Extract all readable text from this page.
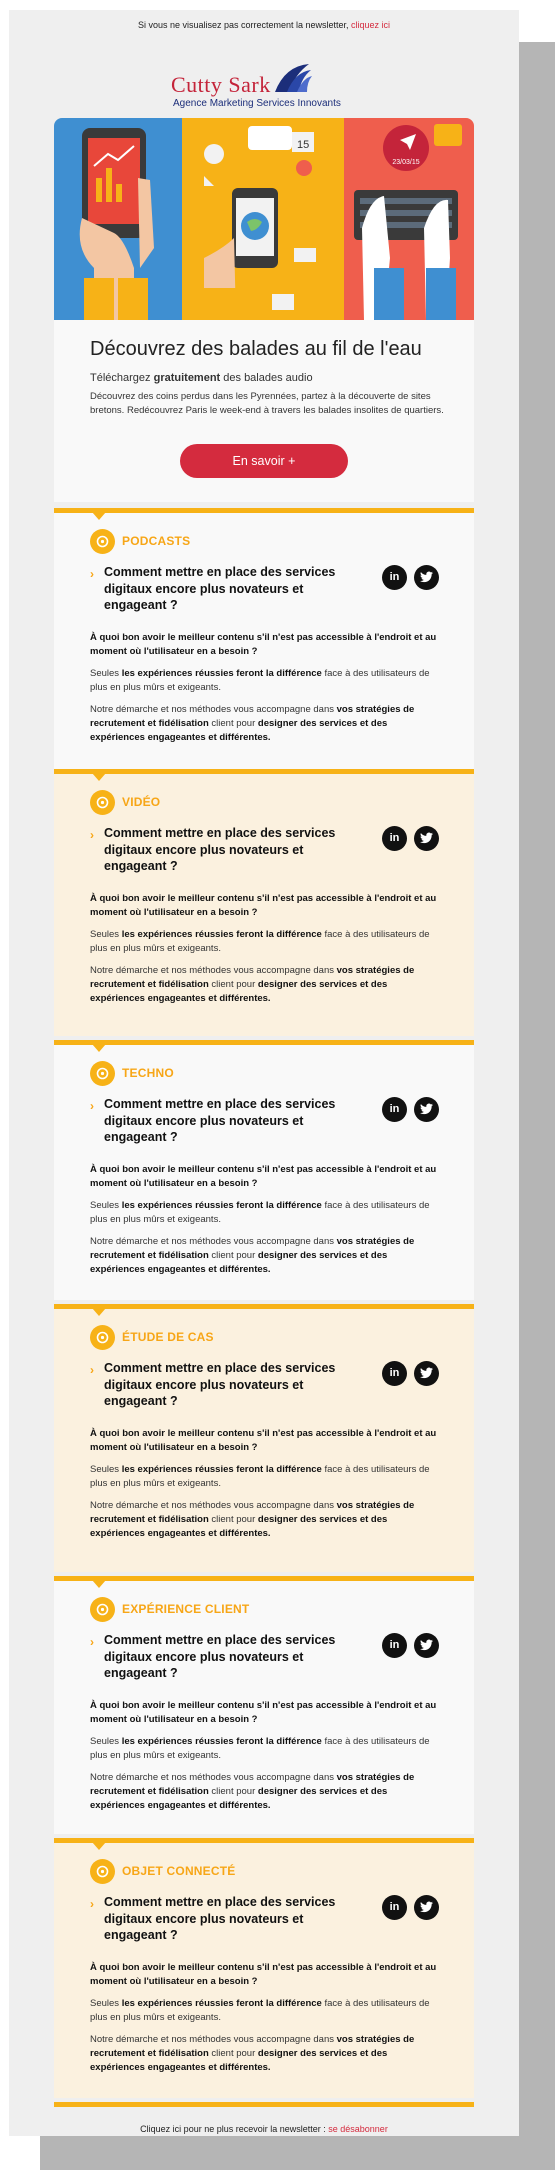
Si vous ne visualisez pas correctement la newsletter, cliquez ici
Cutty Sark
Agence Marketing Services Innovants
15
23/03/15
Découvrez des balades au fil de l'eau
Téléchargez gratuitement des balades audio
Découvrez des coins perdus dans les Pyrennées, partez à la découverte de sites bretons. Redécouvrez Paris le week-end à travers les balades insolites de quartiers.
En savoir +
PODCASTS
› Comment mettre en place des services digitaux encore plus novateurs et engageant ?
in

À quoi bon avoir le meilleur contenu s'il n'est pas accessible à l'endroit et au moment où l'utilisateur en a besoin ?

Seules les expériences réussies feront la différence face à des utilisateurs de plus en plus mûrs et exigeants.

Notre démarche et nos méthodes vous accompagne dans vos stratégies de recrutement et fidélisation client pour designer des services et des expériences engageantes et différentes.

VIDÉO
› Comment mettre en place des services digitaux encore plus novateurs et engageant ?
in

À quoi bon avoir le meilleur contenu s'il n'est pas accessible à l'endroit et au moment où l'utilisateur en a besoin ?

Seules les expériences réussies feront la différence face à des utilisateurs de plus en plus mûrs et exigeants.

Notre démarche et nos méthodes vous accompagne dans vos stratégies de recrutement et fidélisation client pour designer des services et des expériences engageantes et différentes.

TECHNO
› Comment mettre en place des services digitaux encore plus novateurs et engageant ?
in

À quoi bon avoir le meilleur contenu s'il n'est pas accessible à l'endroit et au moment où l'utilisateur en a besoin ?

Seules les expériences réussies feront la différence face à des utilisateurs de plus en plus mûrs et exigeants.

Notre démarche et nos méthodes vous accompagne dans vos stratégies de recrutement et fidélisation client pour designer des services et des expériences engageantes et différentes.

ÉTUDE DE CAS
› Comment mettre en place des services digitaux encore plus novateurs et engageant ?
in

À quoi bon avoir le meilleur contenu s'il n'est pas accessible à l'endroit et au moment où l'utilisateur en a besoin ?

Seules les expériences réussies feront la différence face à des utilisateurs de plus en plus mûrs et exigeants.

Notre démarche et nos méthodes vous accompagne dans vos stratégies de recrutement et fidélisation client pour designer des services et des expériences engageantes et différentes.

EXPÉRIENCE CLIENT
› Comment mettre en place des services digitaux encore plus novateurs et engageant ?
in

À quoi bon avoir le meilleur contenu s'il n'est pas accessible à l'endroit et au moment où l'utilisateur en a besoin ?

Seules les expériences réussies feront la différence face à des utilisateurs de plus en plus mûrs et exigeants.

Notre démarche et nos méthodes vous accompagne dans vos stratégies de recrutement et fidélisation client pour designer des services et des expériences engageantes et différentes.

OBJET CONNECTÉ
› Comment mettre en place des services digitaux encore plus novateurs et engageant ?
in

À quoi bon avoir le meilleur contenu s'il n'est pas accessible à l'endroit et au moment où l'utilisateur en a besoin ?

Seules les expériences réussies feront la différence face à des utilisateurs de plus en plus mûrs et exigeants.

Notre démarche et nos méthodes vous accompagne dans vos stratégies de recrutement et fidélisation client pour designer des services et des expériences engageantes et différentes.

Cliquez ici pour ne plus recevoir la newsletter : se désabonner
